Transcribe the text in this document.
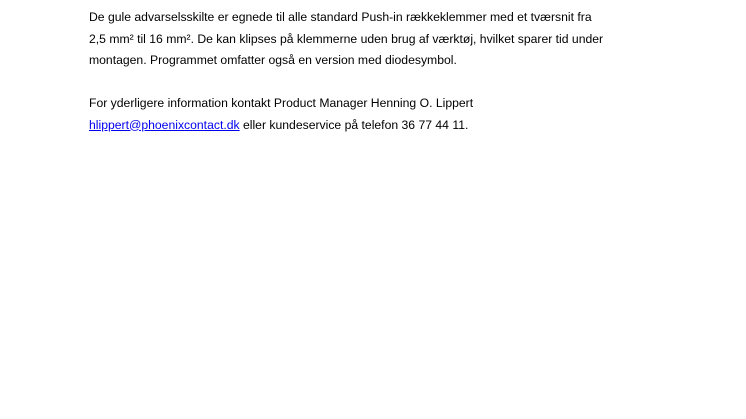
De gule advarselsskilte er egnede til alle standard Push-in rækkeklemmer med et tværsnit fra
2,5 mm² til 16 mm². De kan klipses på klemmerne uden brug af værktøj, hvilket sparer tid under
montagen. Programmet omfatter også en version med diodesymbol.
For yderligere information kontakt Product Manager Henning O. Lippert
hlippert@phoenixcontact.dk eller kundeservice på telefon 36 77 44 11.
